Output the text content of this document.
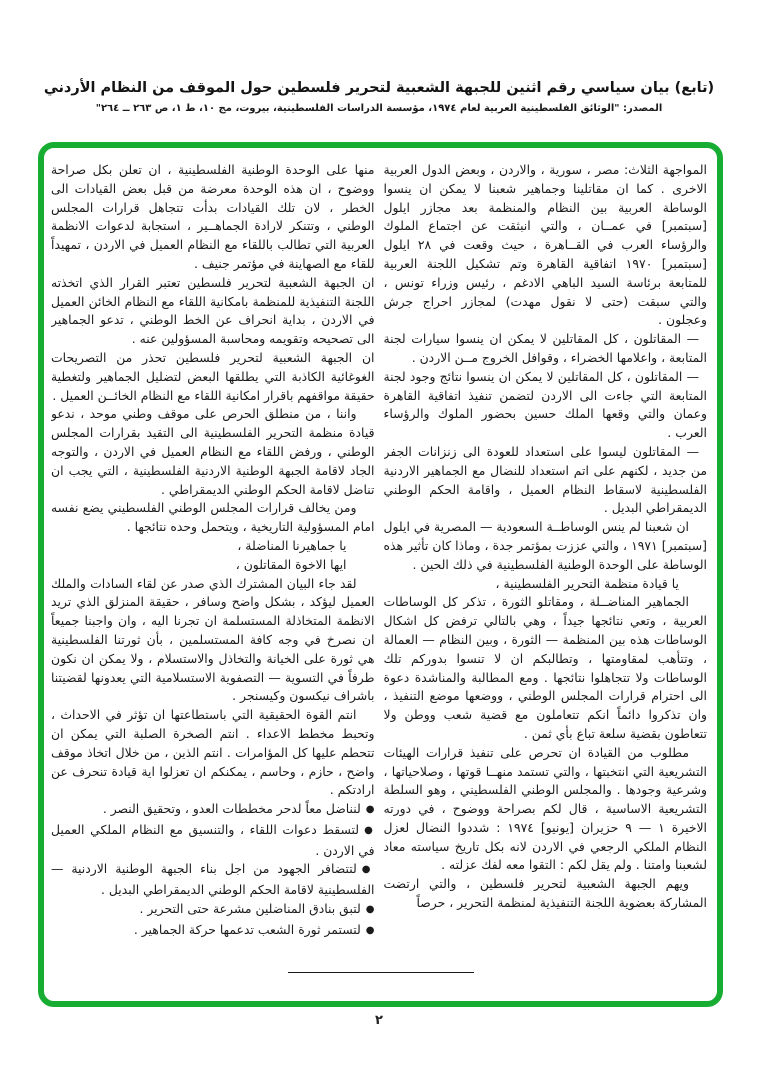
(تابع) بيان سياسي رقم اثنين للجبهة الشعبية لتحرير فلسطين حول الموقف من النظام الأردني
المصدر: "الوثائق الفلسطينية العربية لعام ١٩٧٤، مؤسسة الدراسات الفلسطينية، بيروت، مج ١٠، ط ١، ص ٢٦٣ ــ ٢٦٤"

المواجهة الثلاث: مصر ، سورية ، والاردن ، وبعض الدول العربية الاخرى . كما ان مقاتلينا وجماهير شعبنا لا يمكن ان ينسوا الوساطة العربية بين النظام والمنظمة بعد مجازر ايلول [سبتمبر] في عمــان ، والتي انبثقت عن اجتماع الملوك والرؤساء العرب في القــاهرة ، حيث وقعت في ٢٨ ايلول [سبتمبر] ١٩٧٠ اتفاقية القاهرة وتم تشكيل اللجنة العربية للمتابعة برئاسة السيد الباهي الادغم ، رئيس وزراء تونس ، والتي سبقت (حتى لا نقول مهدت) لمجازر احراج جرش وعجلون .

— المقاتلون ، كل المقاتلين لا يمكن ان ينسوا سيارات لجنة المتابعة ، واعلامها الخضراء ، وقوافل الخروج مــن الاردن .

— المقاتلون ، كل المقاتلين لا يمكن ان ينسوا نتائج وجود لجنة المتابعة التي جاءت الى الاردن لتضمن تنفيذ اتفاقية القاهرة وعمان والتي وقعها الملك حسين بحضور الملوك والرؤساء العرب .

— المقاتلون ليسوا على استعداد للعودة الى زنزانات الجفر من جديد ، لكنهم على اتم استعداد للنضال مع الجماهير الاردنية الفلسطينية لاسقاط النظام العميل ، واقامة الحكم الوطني الديمقراطي البديل .

ان شعبنا لم ينس الوساطــة السعودية — المصرية في ايلول [سبتمبر] ١٩٧١ ، والتي عززت بمؤتمر جدة ، وماذا كان تأثير هذه الوساطة على الوحدة الوطنية الفلسطينية في ذلك الحين .

يا قيادة منظمة التحرير الفلسطينية ،

الجماهير المناضــلة ، ومقاتلو الثورة ، تذكر كل الوساطات العربية ، وتعي نتائجها جيداً ، وهي بالتالي ترفض كل اشكال الوساطات هذه بين المنظمة — الثورة ، وبين النظام — العمالة ، وتتأهب لمقاومتها ، وتطالبكم ان لا تنسوا بدوركم تلك الوساطات ولا تتجاهلوا نتائجها . ومع المطالبة والمناشدة دعوة الى احترام قرارات المجلس الوطني ، ووضعها موضع التنفيذ ، وان تذكروا دائماً انكم تتعاملون مع قضية شعب ووطن ولا تتعاطون بقضية سلعة تباع بأي ثمن .

مطلوب من القيادة ان تحرص على تنفيذ قرارات الهيئات التشريعية التي انتخبتها ، والتي تستمد منهــا قوتها ، وصلاحياتها ، وشرعية وجودها . والمجلس الوطني الفلسطيني ، وهو السلطة التشريعية الاساسية ، قال لكم بصراحة ووضوح ، في دورته الاخيرة ١ — ٩ حزيران [يونيو] ١٩٧٤ : شددوا النضال لعزل النظام الملكي الرجعي في الاردن لانه بكل تاريخ سياسته معاد لشعبنا وامتنا . ولم يقل لكم : التقوا معه لفك عزلته .

ويهم الجبهة الشعبية لتحرير فلسطين ، والتي ارتضت المشاركة بعضوية اللجنة التنفيذية لمنظمة التحرير ، حرصاً

منها على الوحدة الوطنية الفلسطينية ، ان تعلن بكل صراحة ووضوح ، ان هذه الوحدة معرضة من قبل بعض القيادات الى الخطر ، لان تلك القيادات بدأت تتجاهل قرارات المجلس الوطني ، وتتنكر لارادة الجماهــير ، استجابة لدعوات الانظمة العربية التي تطالب باللقاء مع النظام العميل في الاردن ، تمهيداً للقاء مع الصهاينة في مؤتمر جنيف .

ان الجبهة الشعبية لتحرير فلسطين تعتبر القرار الذي اتخذته اللجنة التنفيذية للمنظمة بامكانية اللقاء مع النظام الخائن العميل في الاردن ، بداية انحراف عن الخط الوطني ، تدعو الجماهير الى تصحيحه وتقويمه ومحاسبة المسؤولين عنه .

ان الجبهة الشعبية لتحرير فلسطين تحذر من التصريحات الغوغائية الكاذبة التي يطلقها البعض لتضليل الجماهير ولتغطية حقيقة مواقفهم باقرار امكانية اللقاء مع النظام الخائــن العميل .

واننا ، من منطلق الحرص على موقف وطني موحد ، ندعو قيادة منظمة التحرير الفلسطينية الى التقيد بقرارات المجلس الوطني ، ورفض اللقاء مع النظام العميل في الاردن ، والتوجه الجاد لاقامة الجبهة الوطنية الاردنية الفلسطينية ، التي يجب ان تناضل لاقامة الحكم الوطني الديمقراطي .

ومن يخالف قرارات المجلس الوطني الفلسطيني يضع نفسه امام المسؤولية التاريخية ، ويتحمل وحده نتائجها .

يا جماهيرنا المناضلة ،

ايها الاخوة المقاتلون ،

لقد جاء البيان المشترك الذي صدر عن لقاء السادات والملك العميل ليؤكد ، بشكل واضح وسافر ، حقيقة المنزلق الذي تريد الانظمة المتخاذلة المستسلمة ان تجرنا اليه ، وان واجبنا جميعاً ان نصرخ في وجه كافة المستسلمين ، بأن ثورتنا الفلسطينية هي ثورة على الخيانة والتخاذل والاستسلام ، ولا يمكن ان نكون طرفاً في التسوية — التصفوية الاستسلامية التي يعدونها لقضيتنا باشراف نيكسون وكيسنجر .

انتم القوة الحقيقية التي باستطاعتها ان تؤثر في الاحداث ، وتحبط مخطط الاعداء . انتم الصخرة الصلبة التي يمكن ان تتحطم عليها كل المؤامرات . انتم الذين ، من خلال اتخاذ موقف واضح ، حازم ، وحاسم ، يمكنكم ان تعزلوا اية قيادة تنحرف عن ارادتكم .

●لنناضل معاً لدحر مخططات العدو ، وتحقيق النصر .

●لتسقط دعوات اللقاء ، والتنسيق مع النظام الملكي العميل في الاردن .

●لتتضافر الجهود من اجل بناء الجبهة الوطنية الاردنية — الفلسطينية لاقامة الحكم الوطني الديمقراطي البديل .

●لتبق بنادق المناضلين مشرعة حتى التحرير .

●لتستمر ثورة الشعب تدعمها حركة الجماهير .

٢
